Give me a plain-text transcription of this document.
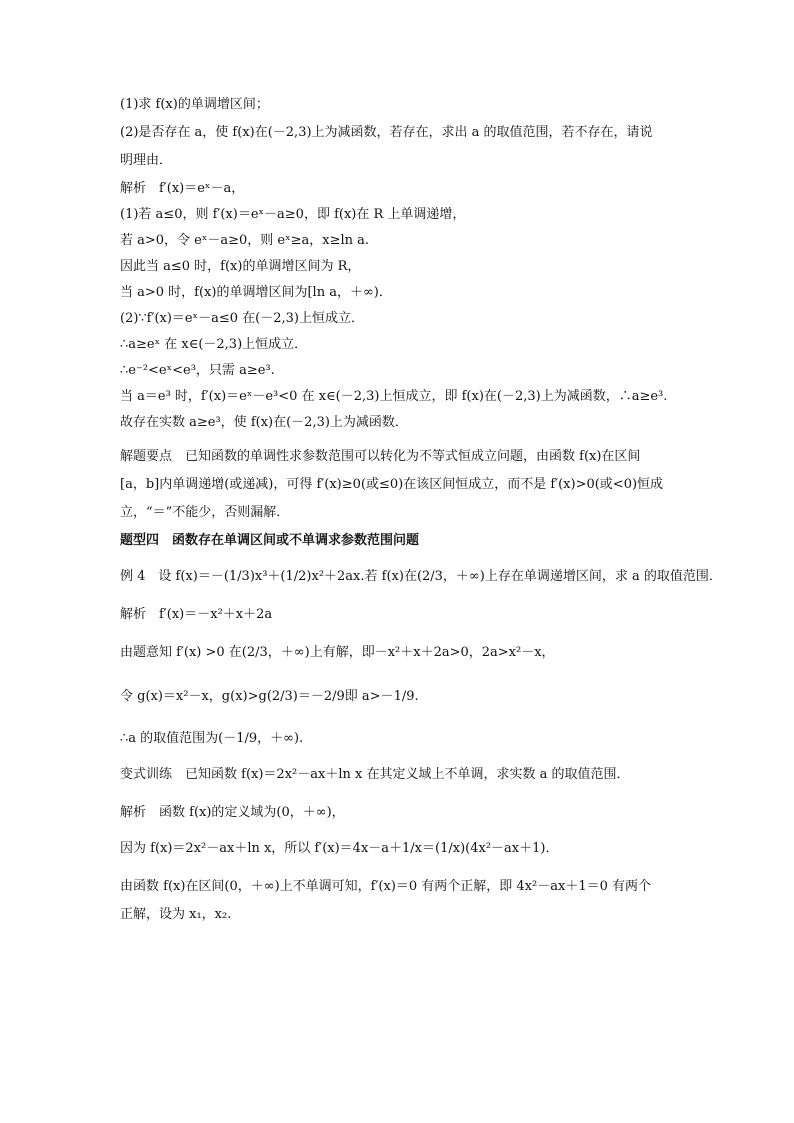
(1)求 f(x)的单调增区间；
(2)是否存在 a，使 f(x)在(－2,3)上为减函数，若存在，求出 a 的取值范围，若不存在，请说
明理由．
解析　f′(x)＝eˣ－a，
(1)若 a≤0，则 f′(x)＝eˣ－a≥0，即 f(x)在 R 上单调递增，
若 a>0，令 eˣ－a≥0，则 eˣ≥a，x≥ln a.
因此当 a≤0 时，f(x)的单调增区间为 R，
当 a>0 时，f(x)的单调增区间为[ln a，＋∞)．
(2)∵f′(x)＝eˣ－a≤0 在(－2,3)上恒成立．
∴a≥eˣ 在 x∈(－2,3)上恒成立．
∴e⁻²<eˣ<e³，只需 a≥e³.
当 a＝e³ 时，f′(x)＝eˣ－e³<0 在 x∈(－2,3)上恒成立，即 f(x)在(－2,3)上为减函数，∴a≥e³.
故存在实数 a≥e³，使 f(x)在(－2,3)上为减函数．
解题要点　已知函数的单调性求参数范围可以转化为不等式恒成立问题，由函数 f(x)在区间
[a，b]内单调递增(或递减)，可得 f′(x)≥0(或≤0)在该区间恒成立，而不是 f′(x)>0(或<0)恒成
立，“＝”不能少，否则漏解．
题型四　函数存在单调区间或不单调求参数范围问题
例 4　设 f(x)＝－(1/3)x³＋(1/2)x²＋2ax.若 f(x)在(2/3，＋∞)上存在单调递增区间，求 a 的取值范围．
解析　f′(x)＝－x²＋x＋2a
由题意知 f′(x) >0 在(2/3，＋∞)上有解，即－x²＋x＋2a>0，2a>x²－x，
令 g(x)＝x²－x，g(x)>g(2/3)＝－2/9即 a>－1/9.
∴a 的取值范围为(－1/9，＋∞).
变式训练　已知函数 f(x)＝2x²－ax＋ln x 在其定义域上不单调，求实数 a 的取值范围．
解析　函数 f(x)的定义域为(0，＋∞)，
因为 f(x)＝2x²－ax＋ln x，所以 f′(x)＝4x－a＋1/x＝(1/x)(4x²－ax＋1)．
由函数 f(x)在区间(0，＋∞)上不单调可知，f′(x)＝0 有两个正解，即 4x²－ax＋1＝0 有两个
正解，设为 x₁，x₂.
